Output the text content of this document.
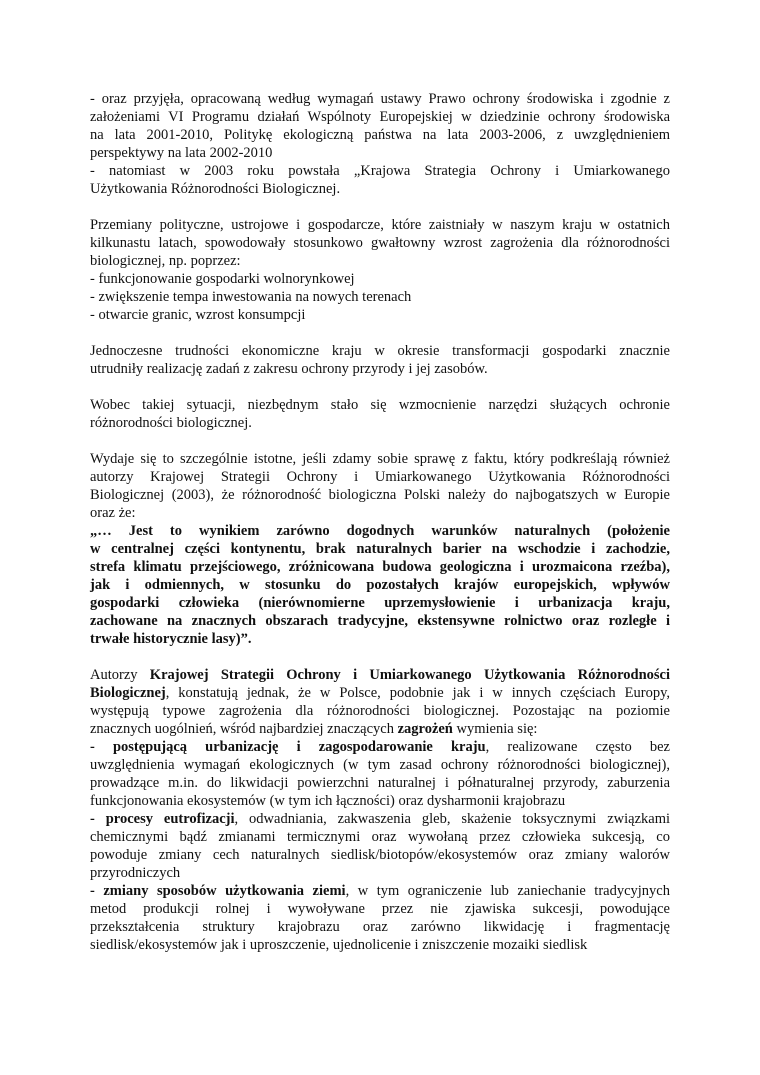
- oraz przyjęła, opracowaną według wymagań ustawy Prawo ochrony środowiska i zgodnie z
założeniami VI Programu działań Wspólnoty Europejskiej w dziedzinie ochrony środowiska
na lata 2001-2010, Politykę ekologiczną państwa na lata 2003-2006, z uwzględnieniem
perspektywy na lata 2002-2010
- natomiast w 2003 roku powstała „Krajowa Strategia Ochrony i Umiarkowanego
Użytkowania Różnorodności Biologicznej.
Przemiany polityczne, ustrojowe i gospodarcze, które zaistniały w naszym kraju w ostatnich
kilkunastu latach, spowodowały stosunkowo gwałtowny wzrost zagrożenia dla różnorodności
biologicznej, np. poprzez:
- funkcjonowanie gospodarki wolnorynkowej
- zwiększenie tempa inwestowania na nowych terenach
- otwarcie granic, wzrost konsumpcji
Jednoczesne trudności ekonomiczne kraju w okresie transformacji gospodarki znacznie
utrudniły realizację zadań z zakresu ochrony przyrody i jej zasobów.
Wobec takiej sytuacji, niezbędnym stało się wzmocnienie narzędzi służących ochronie
różnorodności biologicznej.
Wydaje się to szczególnie istotne, jeśli zdamy sobie sprawę z faktu, który podkreślają również
autorzy Krajowej Strategii Ochrony i Umiarkowanego Użytkowania Różnorodności
Biologicznej (2003), że różnorodność biologiczna Polski należy do najbogatszych w Europie
oraz że:
„… Jest to wynikiem zarówno dogodnych warunków naturalnych (położenie
w centralnej części kontynentu, brak naturalnych barier na wschodzie i zachodzie,
strefa klimatu przejściowego, zróżnicowana budowa geologiczna i urozmaicona rzeźba),
jak i odmiennych, w stosunku do pozostałych krajów europejskich, wpływów
gospodarki człowieka (nierównomierne uprzemysłowienie i urbanizacja kraju,
zachowane na znacznych obszarach tradycyjne, ekstensywne rolnictwo oraz rozległe i
trwałe historycznie lasy)”.
Autorzy Krajowej Strategii Ochrony i Umiarkowanego Użytkowania Różnorodności
Biologicznej, konstatują jednak, że w Polsce, podobnie jak i w innych częściach Europy,
występują typowe zagrożenia dla różnorodności biologicznej. Pozostając na poziomie
znacznych uogólnień, wśród najbardziej znaczących zagrożeń wymienia się:
- postępującą urbanizację i zagospodarowanie kraju, realizowane często bez
uwzględnienia wymagań ekologicznych (w tym zasad ochrony różnorodności biologicznej),
prowadzące m.in. do likwidacji powierzchni naturalnej i półnaturalnej przyrody, zaburzenia
funkcjonowania ekosystemów (w tym ich łączności) oraz dysharmonii krajobrazu
- procesy eutrofizacji, odwadniania, zakwaszenia gleb, skażenie toksycznymi związkami
chemicznymi bądź zmianami termicznymi oraz wywołaną przez człowieka sukcesją, co
powoduje zmiany cech naturalnych siedlisk/biotopów/ekosystemów oraz zmiany walorów
przyrodniczych
- zmiany sposobów użytkowania ziemi, w tym ograniczenie lub zaniechanie tradycyjnych
metod produkcji rolnej i wywoływane przez nie zjawiska sukcesji, powodujące
przekształcenia struktury krajobrazu oraz zarówno likwidację i fragmentację
siedlisk/ekosystemów jak i uproszczenie, ujednolicenie i zniszczenie mozaiki siedlisk
